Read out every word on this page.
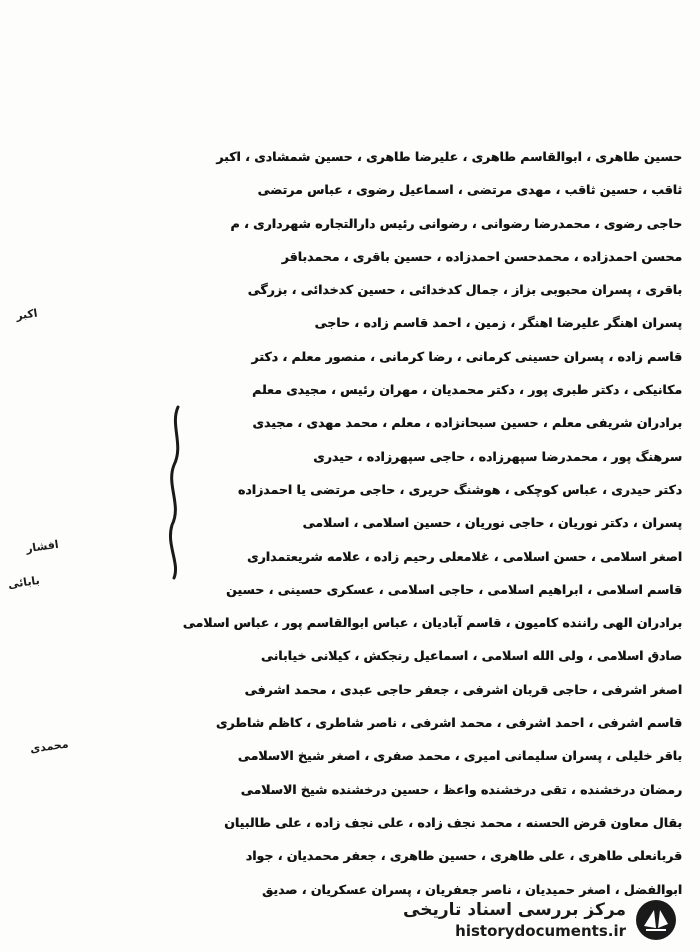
حسین طاهری ، ابوالقاسم طاهری ، علیرضا طاهری ، حسین شمشادی ، اکبر
ثاقب ، حسین ثاقب ، مهدی مرتضی ، اسماعیل رضوی ، عباس مرتضی
حاجی رضوی ، محمدرضا رضوانی ، رضوانی رئیس دارالتجاره شهرداری ، م
محسن احمدزاده ، محمدحسن احمدزاده ، حسین باقری ، محمدباقر
باقری ، پسران محبوبی بزاز ، جمال کدخدائی ، حسین کدخدائی ، بزرگی
پسران اهنگر علیرضا اهنگر ، زمین ، احمد قاسم زاده ، حاجی
قاسم زاده ، پسران حسینی کرمانی ، رضا کرمانی ، منصور معلم ، دکتر
مکانیکی ، دکتر طبری پور ، دکتر محمدیان ، مهران رئیس ، مجیدی معلم
برادران شریفی معلم ، حسین سبحانزاده ، معلم ، محمد مهدی ، مجیدی
سرهنگ پور ، محمدرضا سپهرزاده ، حاجی سپهرزاده ، حیدری
دکتر حیدری ، عباس کوچکی ، هوشنگ حریری ، حاجی مرتضی یا احمدزاده
پسران ، دکتر نوریان ، حاجی نوریان ، حسین اسلامی ، اسلامی
اصغر اسلامی ، حسن اسلامی ، غلامعلی رحیم زاده ، علامه شریعتمداری
قاسم اسلامی ، ابراهیم اسلامی ، حاجی اسلامی ، عسکری حسینی ، حسین
برادران الهی راننده کامیون ، قاسم آبادیان ، عباس ابوالقاسم پور ، عباس اسلامی
صادق اسلامی ، ولی الله اسلامی ، اسماعیل رنجکش ، کیلانی خیابانی
اصغر اشرفی ، حاجی قربان اشرفی ، جعفر حاجی عبدی ، محمد اشرفی
قاسم اشرفی ، احمد اشرفی ، محمد اشرفی ، ناصر شاطری ، کاظم شاطری
باقر خلیلی ، پسران سلیمانی امیری ، محمد صفری ، اصغر شیخ الاسلامی
رمضان درخشنده ، تقی درخشنده واعظ ، حسین درخشنده شیخ الاسلامی
بقال معاون قرض الحسنه ، محمد نجف زاده ، علی نجف زاده ، علی طالبیان
قربانعلی طاهری ، علی طاهری ، حسین طاهری ، جعفر محمدیان ، جواد
ابوالفضل ، اصغر حمیدیان ، ناصر جعفریان ، پسران عسکریان ، صدیق
اکبر
افشار
بابائی
محمدی
مرکز بررسی اسناد تاریخی
historydocuments.ir
